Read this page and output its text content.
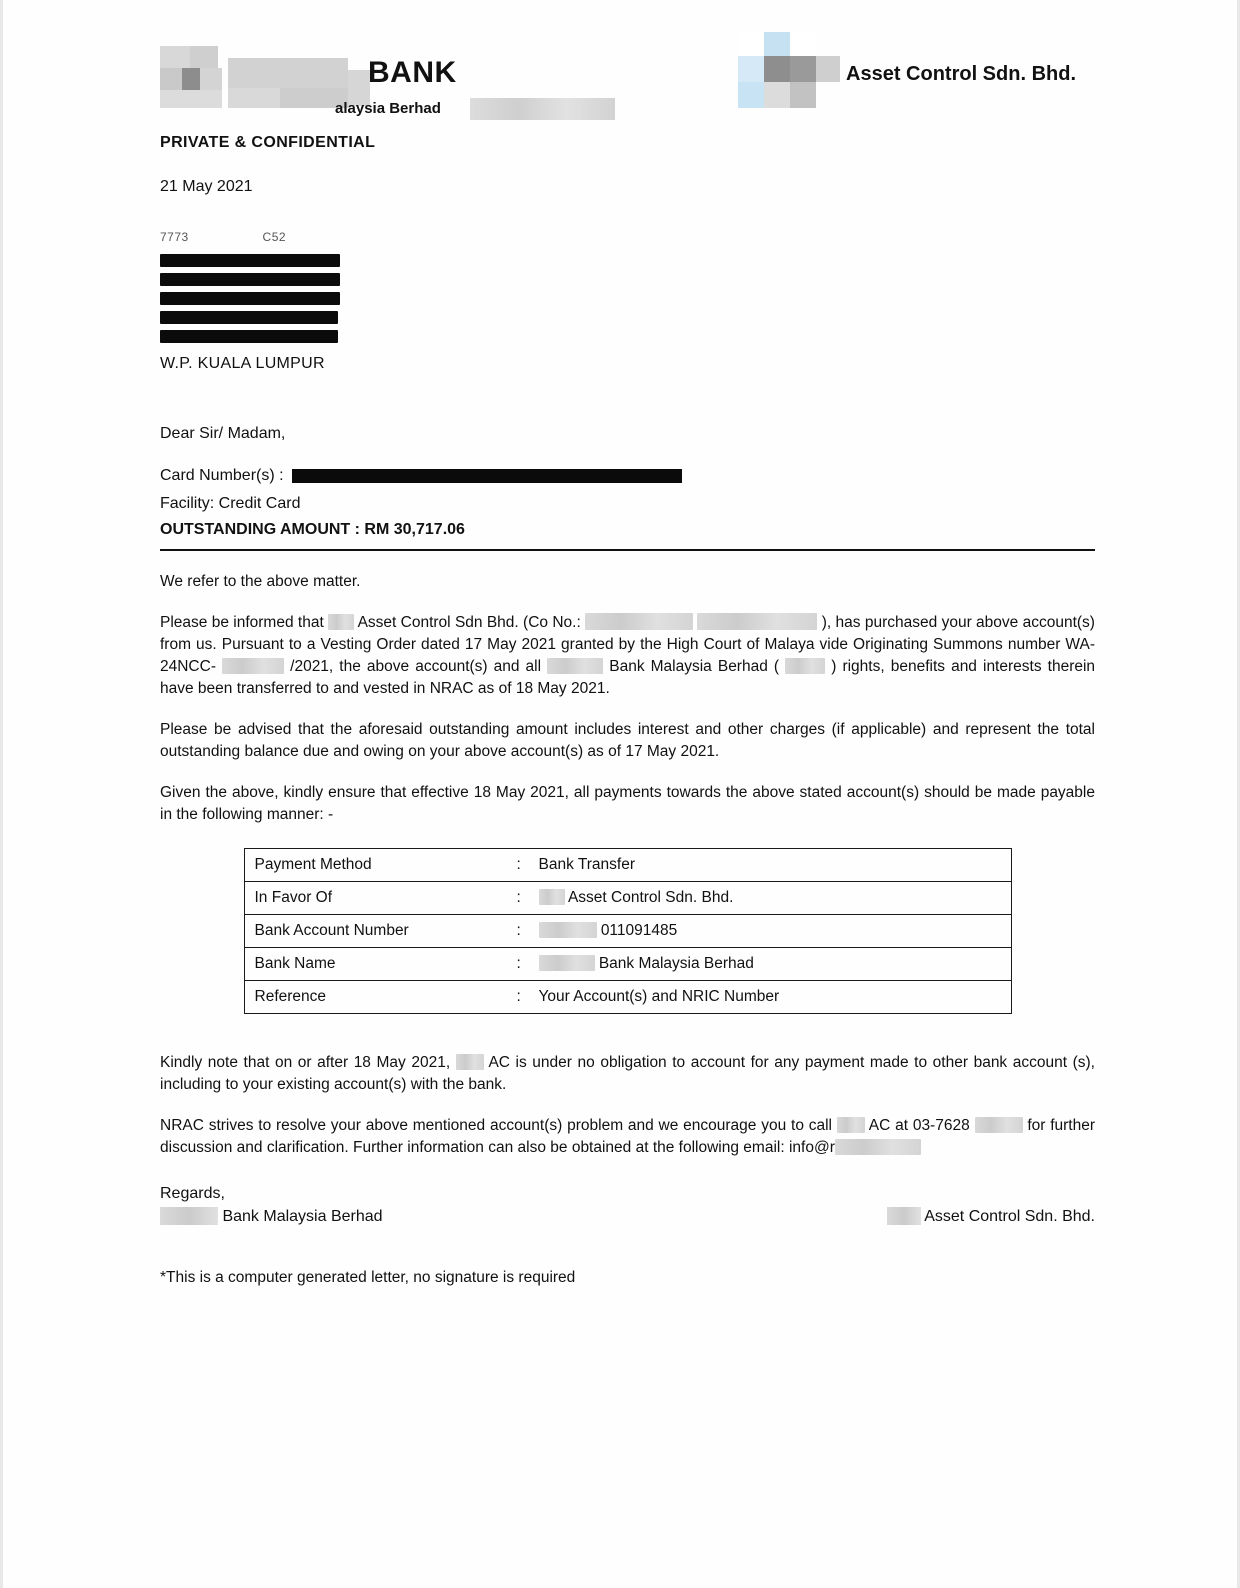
BANK
alaysia Berhad
Asset Control Sdn. Bhd.
PRIVATE & CONFIDENTIAL
21 May 2021
7773	C52
W.P. KUALA LUMPUR
Dear Sir/ Madam,
Card Number(s) :
Facility: Credit Card
OUTSTANDING AMOUNT : RM 30,717.06

We refer to the above matter.

Please be informed that Asset Control Sdn Bhd. (Co No.:	), has purchased your above account(s) from us. Pursuant to a Vesting Order dated 17 May 2021 granted by the High Court of Malaya vide Originating Summons number WA-24NCC-	/2021, the above account(s) and all	Bank Malaysia Berhad (	) rights, benefits and interests therein have been transferred to and vested in NRAC as of 18 May 2021.

Please be advised that the aforesaid outstanding amount includes interest and other charges (if applicable) and represent the total outstanding balance due and owing on your above account(s) as of 17 May 2021.

Given the above, kindly ensure that effective 18 May 2021, all payments towards the above stated account(s) should be made payable in the following manner: -

Payment Method	:	Bank Transfer
In Favor Of	:	Asset Control Sdn. Bhd.
Bank Account Number	:	011091485
Bank Name	:	Bank Malaysia Berhad
Reference	:	Your Account(s) and NRIC Number

Kindly note that on or after 18 May 2021, AC is under no obligation to account for any payment made to other bank account (s), including to your existing account(s) with the bank.

NRAC strives to resolve your above mentioned account(s) problem and we encourage you to call AC at 03-7628	for further discussion and clarification. Further information can also be obtained at the following email: info@r

Regards,
Bank Malaysia Berhad	Asset Control Sdn. Bhd.
*This is a computer generated letter, no signature is required
